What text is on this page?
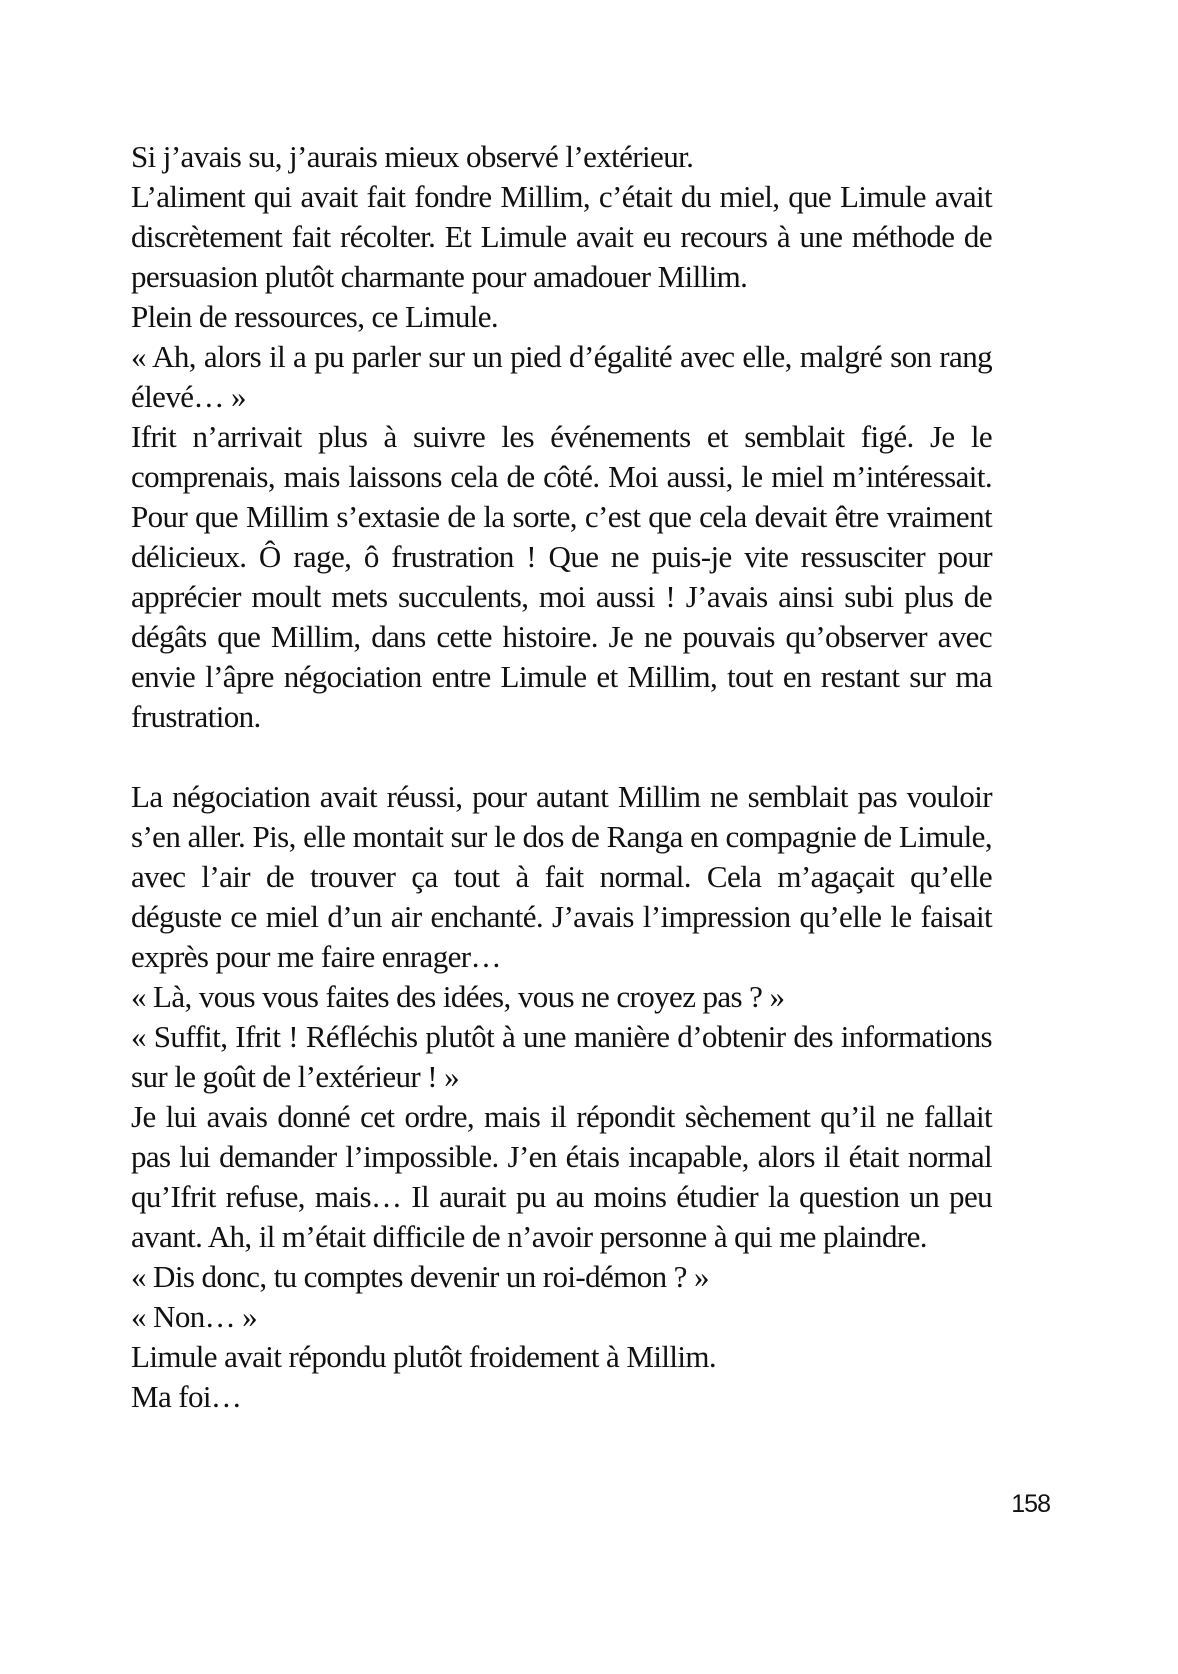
Si j’avais su, j’aurais mieux observé l’extérieur.

L’aliment qui avait fait fondre Millim, c’était du miel, que Limule avait discrètement fait récolter. Et Limule avait eu recours à une méthode de persuasion plutôt charmante pour amadouer Millim.

Plein de ressources, ce Limule.

« Ah, alors il a pu parler sur un pied d’égalité avec elle, malgré son rang élevé… »

Ifrit n’arrivait plus à suivre les événements et semblait figé. Je le comprenais, mais laissons cela de côté. Moi aussi, le miel m’intéressait. Pour que Millim s’extasie de la sorte, c’est que cela devait être vraiment délicieux. Ô rage, ô frustration ! Que ne puis-je vite ressusciter pour apprécier moult mets succulents, moi aussi ! J’avais ainsi subi plus de dégâts que Millim, dans cette histoire. Je ne pouvais qu’observer avec envie l’âpre négociation entre Limule et Millim, tout en restant sur ma frustration.

La négociation avait réussi, pour autant Millim ne semblait pas vouloir s’en aller. Pis, elle montait sur le dos de Ranga en compagnie de Limule, avec l’air de trouver ça tout à fait normal. Cela m’agaçait qu’elle déguste ce miel d’un air enchanté. J’avais l’impression qu’elle le faisait exprès pour me faire enrager…

« Là, vous vous faites des idées, vous ne croyez pas ? »

« Suffit, Ifrit ! Réfléchis plutôt à une manière d’obtenir des informations sur le goût de l’extérieur ! »

Je lui avais donné cet ordre, mais il répondit sèchement qu’il ne fallait pas lui demander l’impossible. J’en étais incapable, alors il était normal qu’Ifrit refuse, mais… Il aurait pu au moins étudier la question un peu avant. Ah, il m’était difficile de n’avoir personne à qui me plaindre.

« Dis donc, tu comptes devenir un roi-démon ? »

« Non… »

Limule avait répondu plutôt froidement à Millim.

Ma foi…

158
